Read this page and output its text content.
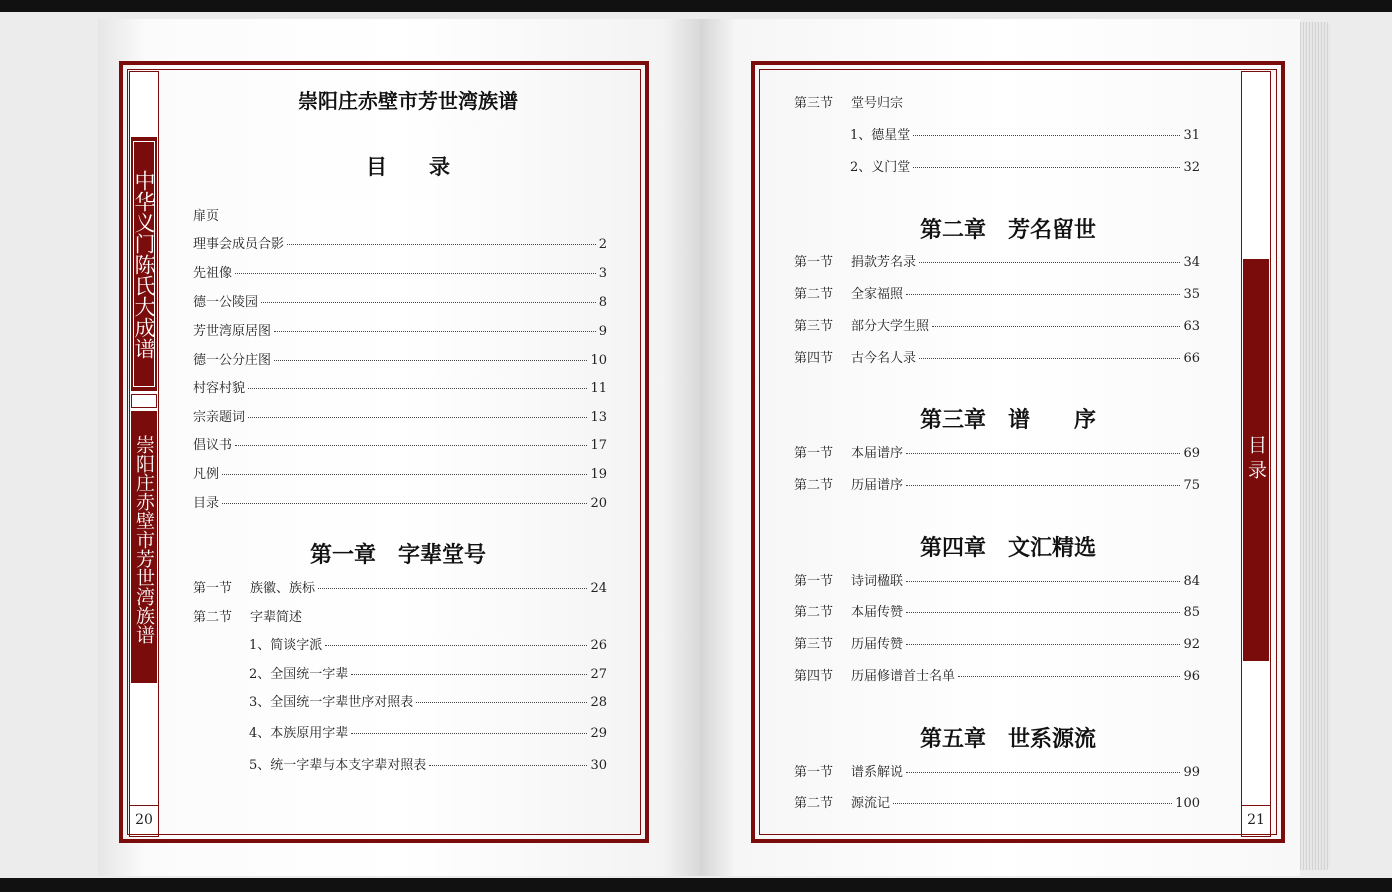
中华义门陈氏大成谱
崇阳庄赤壁市芳世湾族谱
20
崇阳庄赤壁市芳世湾族谱
目　　录
第一章　字辈堂号
扉页
理事会成员合影	2
先祖像	3
德一公陵园	8
芳世湾原居图	9
德一公分庄图	10
村容村貌	11
宗亲题词	13
倡议书	17
凡例	19
目录	20
第一节	族徽、族标	24
第二节	字辈简述
1、简谈字派	26
2、全国统一字辈	27
3、全国统一字辈世序对照表	28
4、本族原用字辈	29
5、统一字辈与本支字辈对照表	30
目录
21
第三节	堂号归宗
1、德星堂	31
2、义门堂	32
第二章　芳名留世
第一节	捐款芳名录	34
第二节	全家福照	35
第三节	部分大学生照	63
第四节	古今名人录	66
第三章　谱　　序
第一节	本届谱序	69
第二节	历届谱序	75
第四章　文汇精选
第一节	诗词楹联	84
第二节	本届传赞	85
第三节	历届传赞	92
第四节	历届修谱首士名单	96
第五章　世系源流
第一节	谱系解说	99
第二节	源流记	100
